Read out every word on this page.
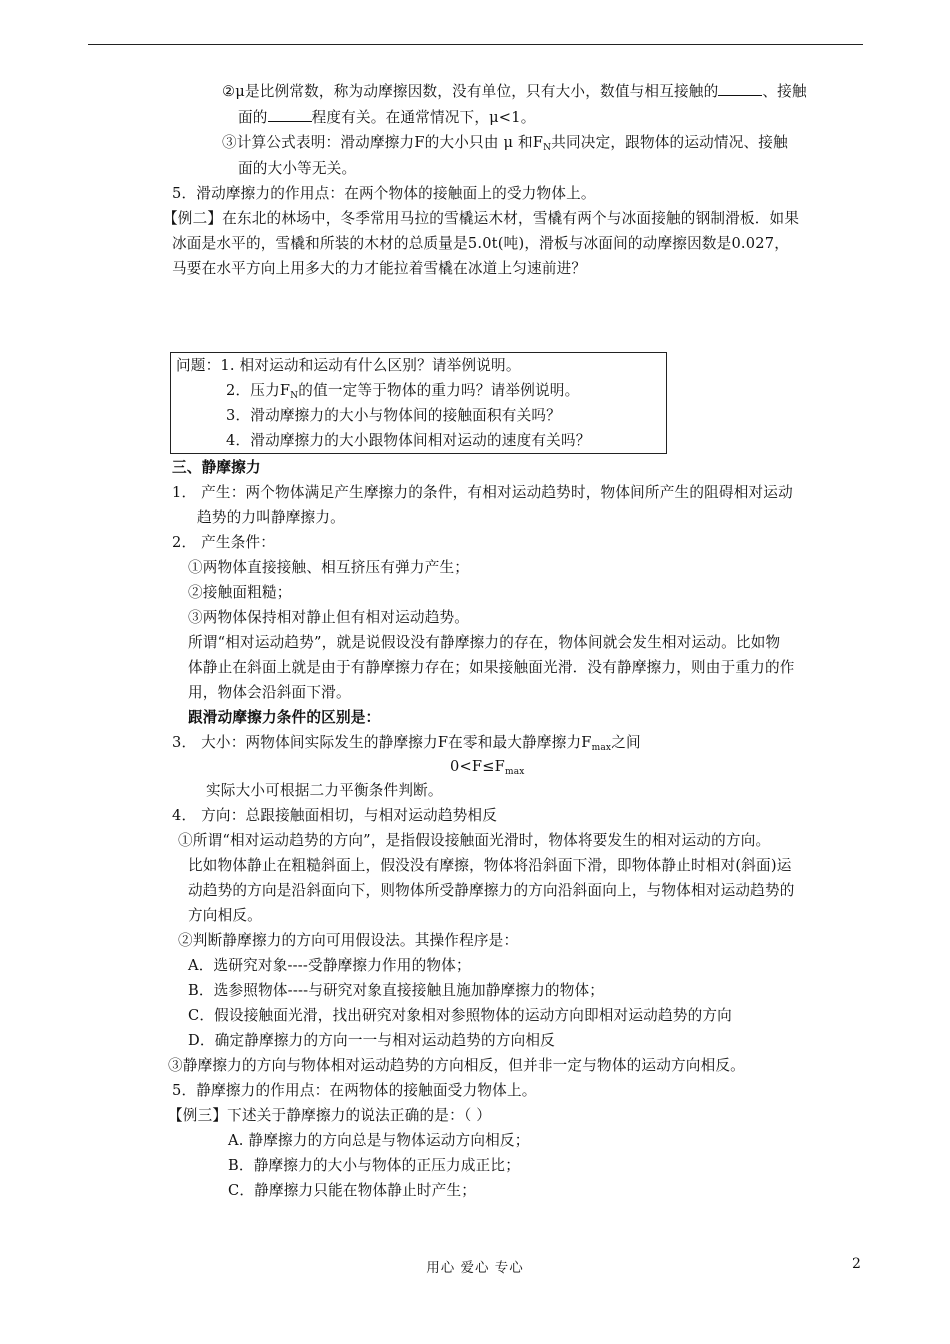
②μ是比例常数，称为动摩擦因数，没有单位，只有大小，数值与相互接触的	、接触
面的	程度有关。在通常情况下，μ<1。
③计算公式表明：滑动摩擦力F的大小只由 μ 和$F_N$共同决定，跟物体的运动情况、接触
面的大小等无关。
5．滑动摩擦力的作用点：在两个物体的接触面上的受力物体上。
【例二】在东北的林场中，冬季常用马拉的雪橇运木材，雪橇有两个与冰面接触的钢制滑板．如果
冰面是水平的，雪橇和所装的木材的总质量是5.0t(吨)，滑板与冰面间的动摩擦因数是0.027，
马要在水平方向上用多大的力才能拉着雪橇在冰道上匀速前进？
问题：1. 相对运动和运动有什么区别？请举例说明。
2．压力$F_N$的值一定等于物体的重力吗？请举例说明。
3．滑动摩擦力的大小与物体间的接触面积有关吗？
4．滑动摩擦力的大小跟物体间相对运动的速度有关吗？
三、静摩擦力
1． 产生：两个物体满足产生摩擦力的条件，有相对运动趋势时，物体间所产生的阻碍相对运动
趋势的力叫静摩擦力。
2． 产生条件：
①两物体直接接触、相互挤压有弹力产生；
②接触面粗糙；
③两物体保持相对静止但有相对运动趋势。
所谓“相对运动趋势”，就是说假设没有静摩擦力的存在，物体间就会发生相对运动。比如物
体静止在斜面上就是由于有静摩擦力存在；如果接触面光滑．没有静摩擦力，则由于重力的作
用，物体会沿斜面下滑。
跟滑动摩擦力条件的区别是：
3． 大小：两物体间实际发生的静摩擦力F在零和最大静摩擦力$F_{max}$之间
$0<F\le F_{max}$
实际大小可根据二力平衡条件判断。
4． 方向：总跟接触面相切，与相对运动趋势相反
①所谓“相对运动趋势的方向”，是指假设接触面光滑时，物体将要发生的相对运动的方向。
比如物体静止在粗糙斜面上，假没没有摩擦，物体将沿斜面下滑，即物体静止时相对(斜面)运
动趋势的方向是沿斜面向下，则物体所受静摩擦力的方向沿斜面向上，与物体相对运动趋势的
方向相反。
②判断静摩擦力的方向可用假设法。其操作程序是：
A．选研究对象----受静摩擦力作用的物体；
B．选参照物体----与研究对象直接接触且施加静摩擦力的物体；
C．假设接触面光滑，找出研究对象相对参照物体的运动方向即相对运动趋势的方向
D．确定静摩擦力的方向一一与相对运动趋势的方向相反
③静摩擦力的方向与物体相对运动趋势的方向相反，但并非一定与物体的运动方向相反。
5．静摩擦力的作用点：在两物体的接触面受力物体上。
【例三】下述关于静摩擦力的说法正确的是：（ ）
A. 静摩擦力的方向总是与物体运动方向相反；
B．静摩擦力的大小与物体的正压力成正比；
C．静摩擦力只能在物体静止时产生；
用心 爱心 专心	2
